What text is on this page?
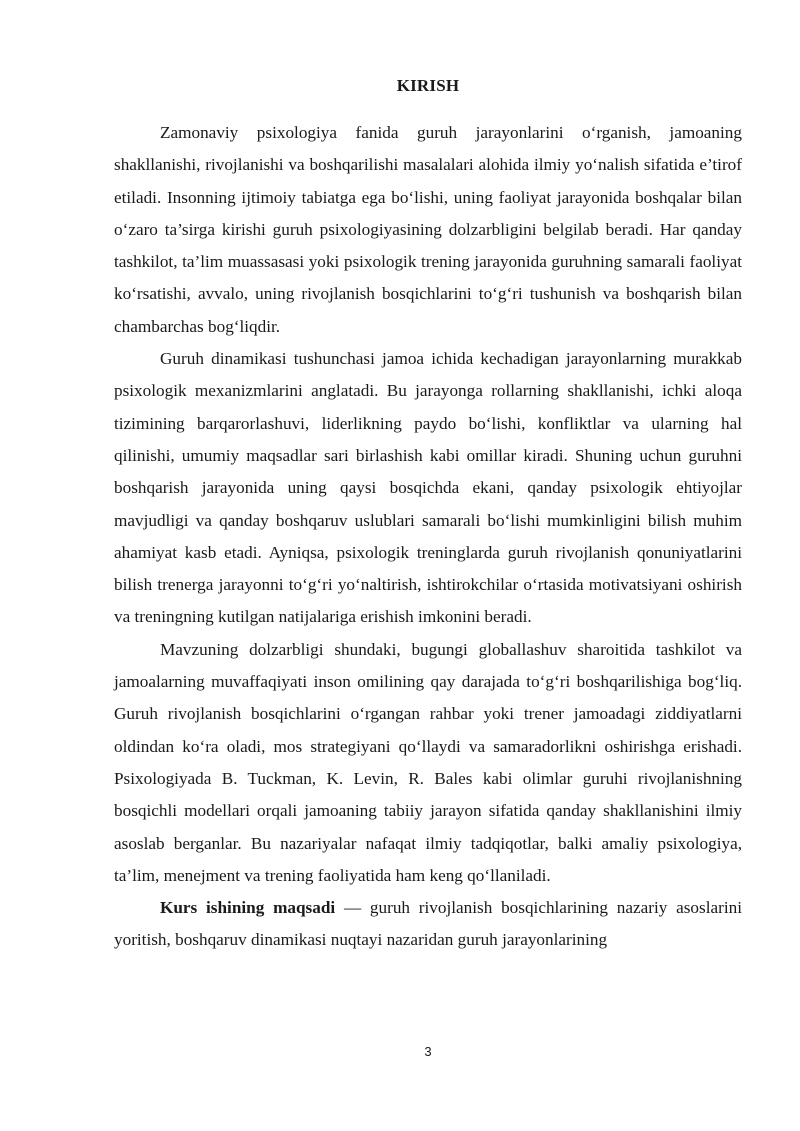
KIRISH

Zamonaviy psixologiya fanida guruh jarayonlarini o‘rganish, jamoaning shakllanishi, rivojlanishi va boshqarilishi masalalari alohida ilmiy yo‘nalish sifatida e’tirof etiladi. Insonning ijtimoiy tabiatga ega bo‘lishi, uning faoliyat jarayonida boshqalar bilan o‘zaro ta’sirga kirishi guruh psixologiyasining dolzarbligini belgilab beradi. Har qanday tashkilot, ta’lim muassasasi yoki psixologik trening jarayonida guruhning samarali faoliyat ko‘rsatishi, avvalo, uning rivojlanish bosqichlarini to‘g‘ri tushunish va boshqarish bilan chambarchas bog‘liqdir.

Guruh dinamikasi tushunchasi jamoa ichida kechadigan jarayonlarning murakkab psixologik mexanizmlarini anglatadi. Bu jarayonga rollarning shakllanishi, ichki aloqa tizimining barqarorlashuvi, liderlikning paydo bo‘lishi, konfliktlar va ularning hal qilinishi, umumiy maqsadlar sari birlashish kabi omillar kiradi. Shuning uchun guruhni boshqarish jarayonida uning qaysi bosqichda ekani, qanday psixologik ehtiyojlar mavjudligi va qanday boshqaruv uslublari samarali bo‘lishi mumkinligini bilish muhim ahamiyat kasb etadi. Ayniqsa, psixologik treninglarda guruh rivojlanish qonuniyatlarini bilish trenerga jarayonni to‘g‘ri yo‘naltirish, ishtirokchilar o‘rtasida motivatsiyani oshirish va treningning kutilgan natijalariga erishish imkonini beradi.

Mavzuning dolzarbligi shundaki, bugungi globallashuv sharoitida tashkilot va jamoalarning muvaffaqiyati inson omilining qay darajada to‘g‘ri boshqarilishiga bog‘liq. Guruh rivojlanish bosqichlarini o‘rgangan rahbar yoki trener jamoadagi ziddiyatlarni oldindan ko‘ra oladi, mos strategiyani qo‘llaydi va samaradorlikni oshirishga erishadi. Psixologiyada B. Tuckman, K. Levin, R. Bales kabi olimlar guruhi rivojlanishning bosqichli modellari orqali jamoaning tabiiy jarayon sifatida qanday shakllanishini ilmiy asoslab berganlar. Bu nazariyalar nafaqat ilmiy tadqiqotlar, balki amaliy psixologiya, ta’lim, menejment va trening faoliyatida ham keng qo‘llaniladi.

Kurs ishining maqsadi — guruh rivojlanish bosqichlarining nazariy asoslarini yoritish, boshqaruv dinamikasi nuqtayi nazaridan guruh jarayonlarining

3
